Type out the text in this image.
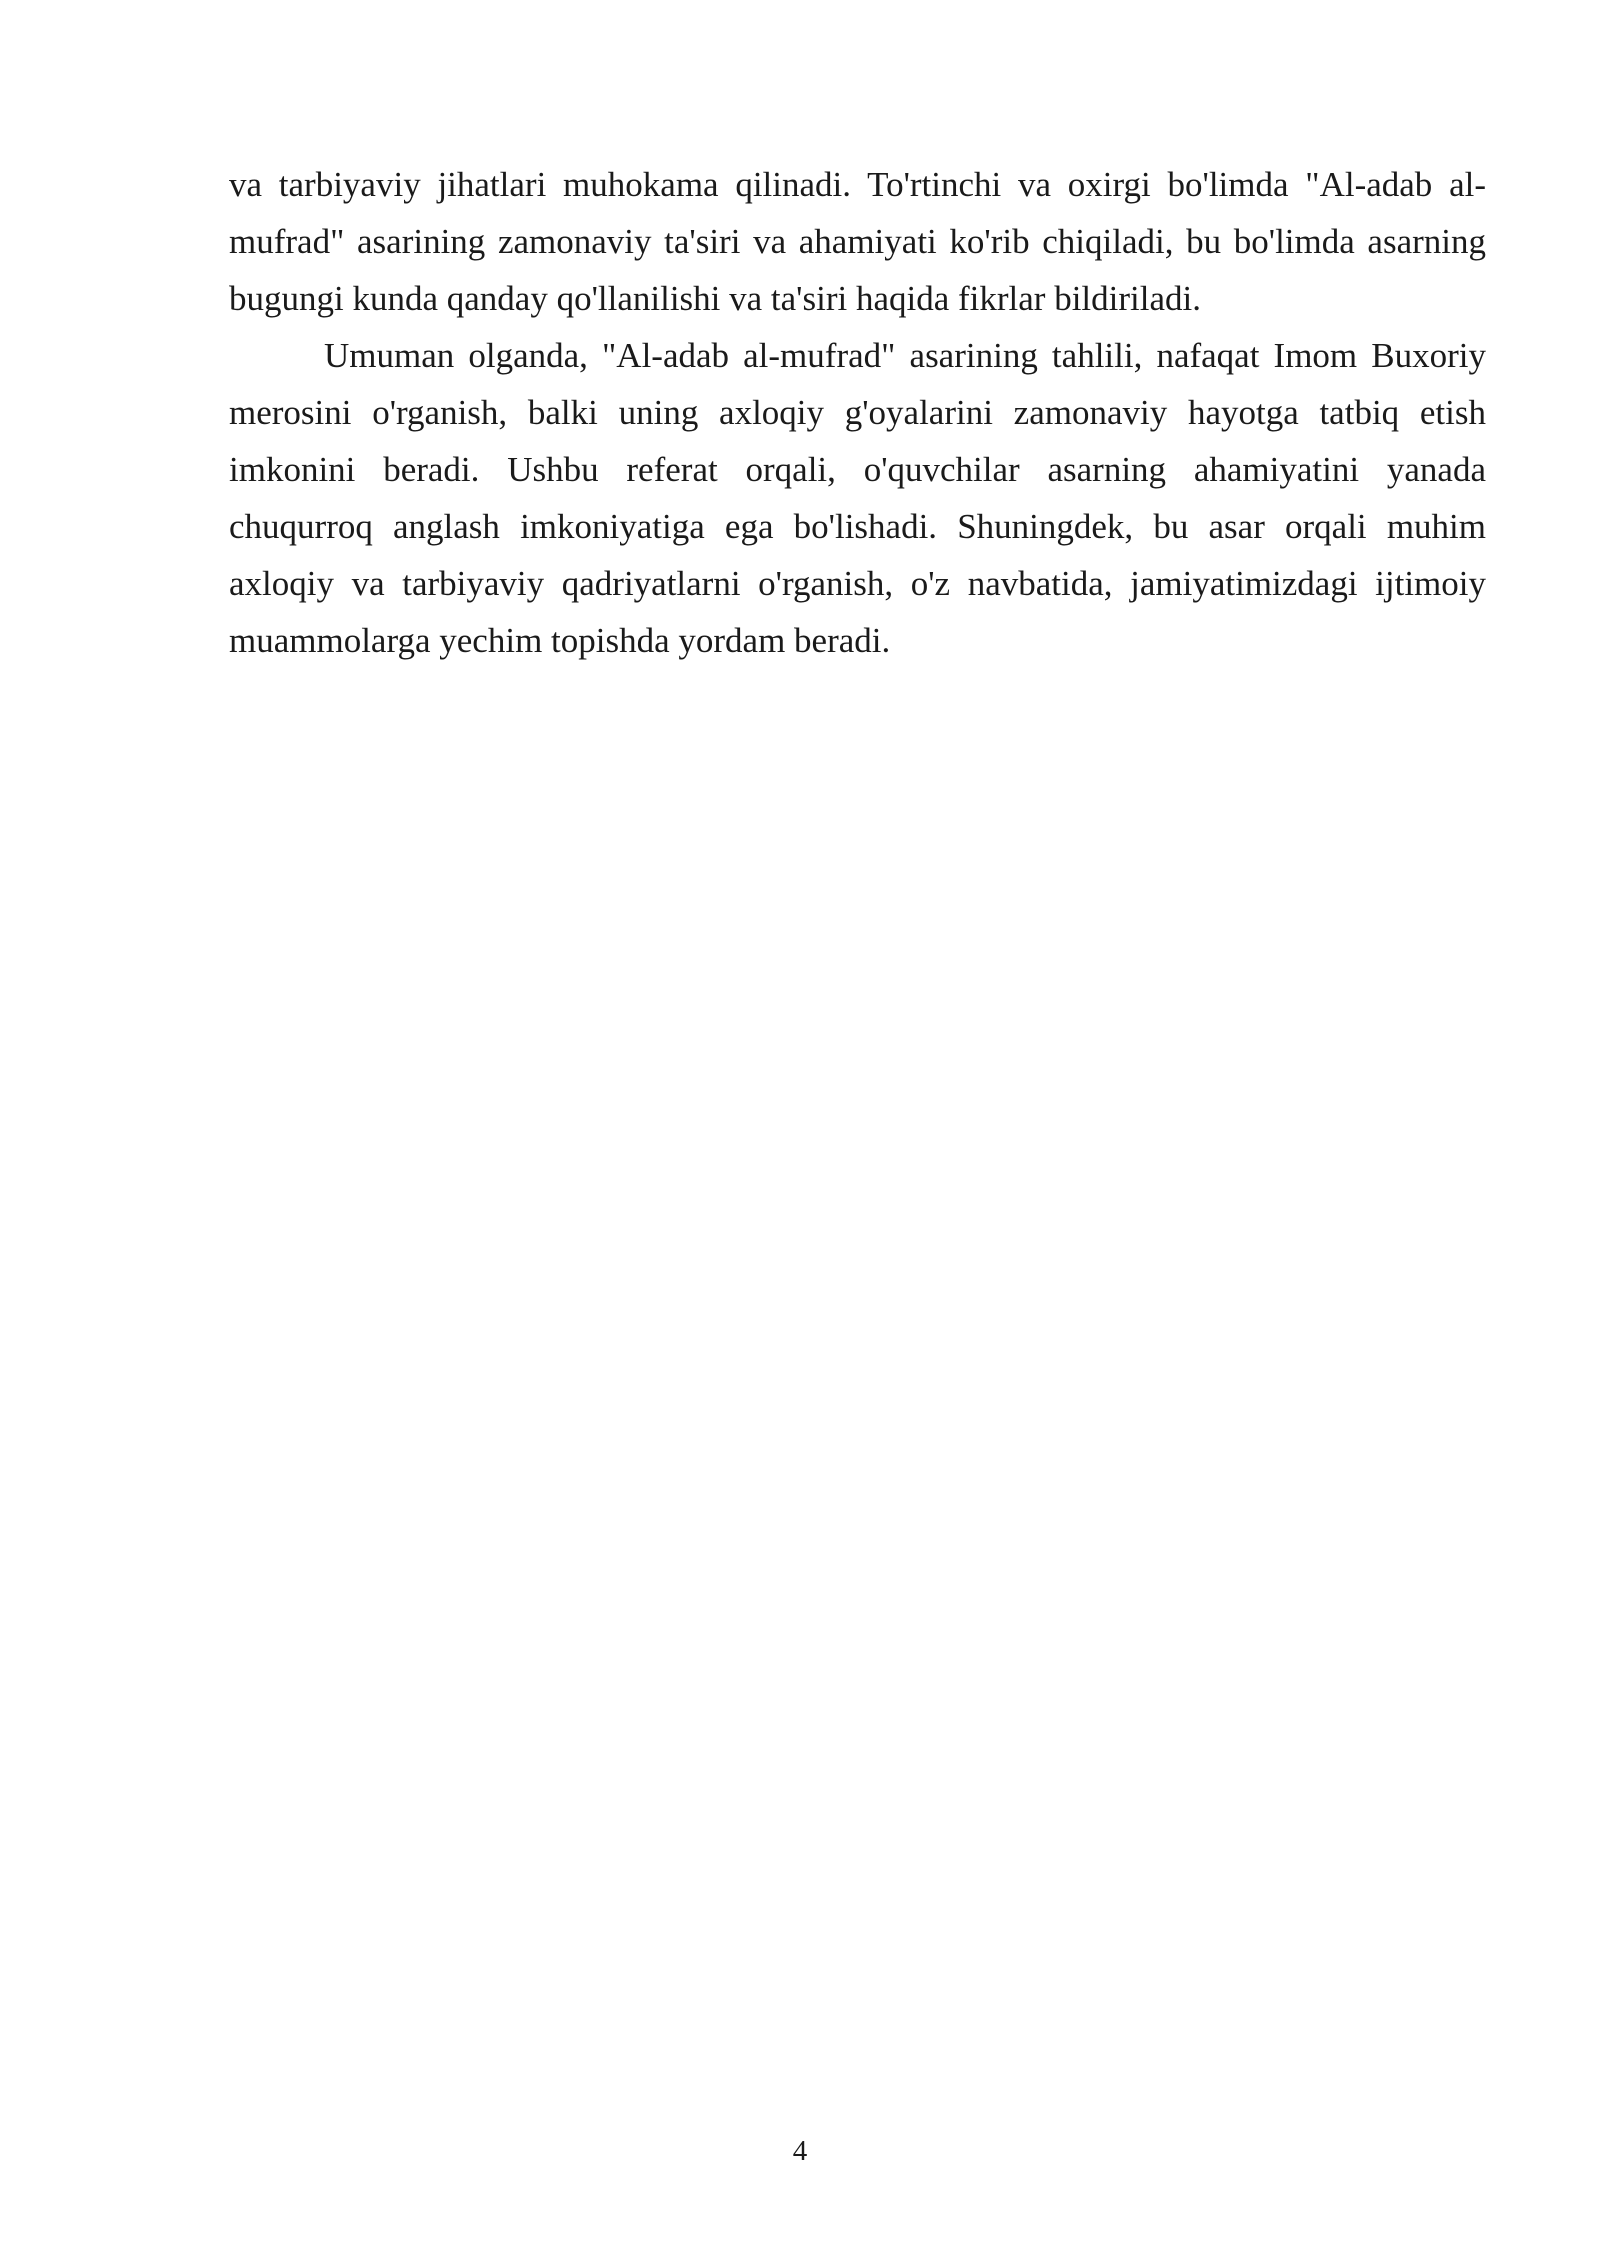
va tarbiyaviy jihatlari muhokama qilinadi. To'rtinchi va oxirgi bo'limda "Al-adab al-mufrad" asarining zamonaviy ta'siri va ahamiyati ko'rib chiqiladi, bu bo'limda asarning bugungi kunda qanday qo'llanilishi va ta'siri haqida fikrlar bildiriladi.

Umuman olganda, "Al-adab al-mufrad" asarining tahlili, nafaqat Imom Buxoriy merosini o'rganish, balki uning axloqiy g'oyalarini zamonaviy hayotga tatbiq etish imkonini beradi. Ushbu referat orqali, o'quvchilar asarning ahamiyatini yanada chuqurroq anglash imkoniyatiga ega bo'lishadi. Shuningdek, bu asar orqali muhim axloqiy va tarbiyaviy qadriyatlarni o'rganish, o'z navbatida, jamiyatimizdagi ijtimoiy muammolarga yechim topishda yordam beradi.

4
